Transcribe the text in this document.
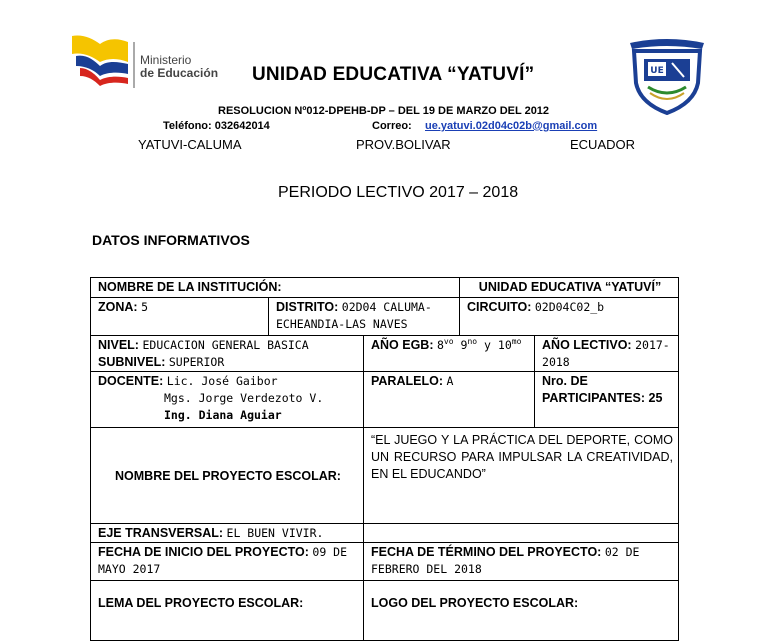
Ministerio
de Educación	UE
UNIDAD EDUCATIVA “YATUVÍ”
RESOLUCION Nº012-DPEHB-DP – DEL 19 DE MARZO DEL 2012
Teléfono: 032642014	Correo: ue.yatuvi.02d04c02b@gmail.com
YATUVI-CALUMA	PROV.BOLIVAR	ECUADOR
PERIODO LECTIVO 2017 – 2018
DATOS INFORMATIVOS
NOMBRE DE LA INSTITUCIÓN:			UNIDAD EDUCATIVA “YATUVÍ”	
ZONA: 5	DISTRITO: 02D04 CALUMA-ECHEANDIA-LAS NAVES		CIRCUITO: 02D04C02_b	
NIVEL: EDUCACION GENERAL BASICA
SUBNIVEL: SUPERIOR		AÑO EGB: $8^{vo}$ $9^{no}$ y $10^{mo}$		AÑO LECTIVO: 2017-2018
DOCENTE: Lic. José Gaibor
Mgs. Jorge Verdezoto V.
Ing. Diana Aguiar		PARALELO: A		Nro. DE PARTICIPANTES: 25
NOMBRE DEL PROYECTO ESCOLAR:		“EL JUEGO Y LA PRÁCTICA DEL DEPORTE, COMO UN RECURSO PARA IMPULSAR LA CREATIVIDAD, EN EL EDUCANDO”		
EJE TRANSVERSAL: EL BUEN VIVIR.				
FECHA DE INICIO DEL PROYECTO: 09 DE MAYO 2017		FECHA DE TÉRMINO DEL PROYECTO: 02 DE FEBRERO DEL 2018		
LEMA DEL PROYECTO ESCOLAR:		LOGO DEL PROYECTO ESCOLAR:		
